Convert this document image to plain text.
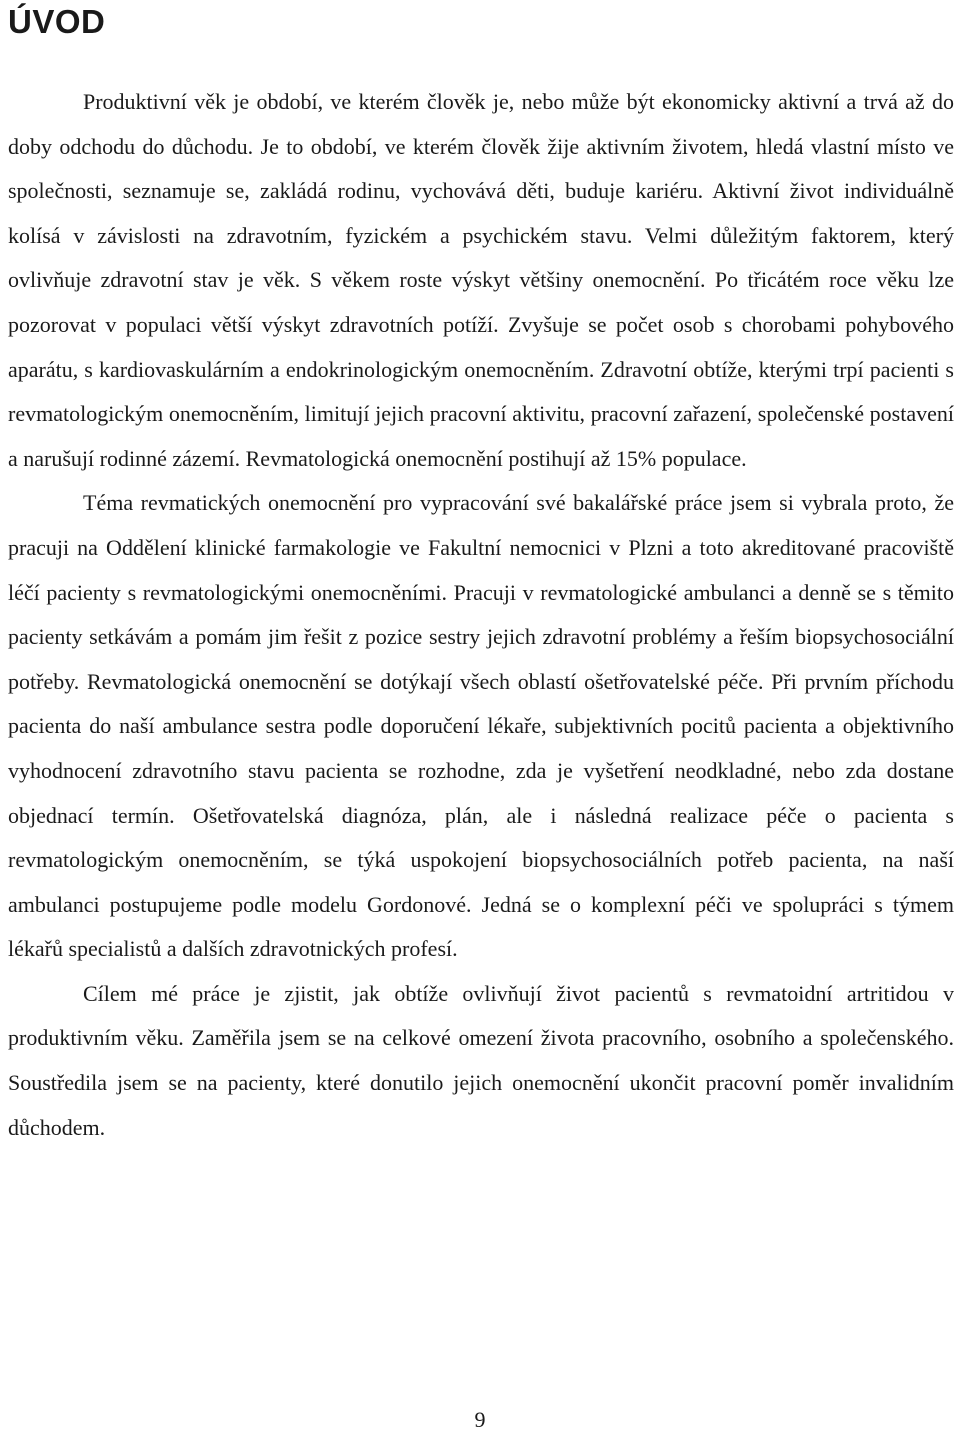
ÚVOD

Produktivní věk je období, ve kterém člověk je, nebo může být ekonomicky aktivní a trvá až do doby odchodu do důchodu. Je to období, ve kterém člověk žije aktivním životem, hledá vlastní místo ve společnosti, seznamuje se, zakládá rodinu, vychovává děti, buduje kariéru. Aktivní život individuálně kolísá v závislosti na zdravotním, fyzickém a psychickém stavu. Velmi důležitým faktorem, který ovlivňuje zdravotní stav je věk. S věkem roste výskyt většiny onemocnění. Po třicátém roce věku lze pozorovat v populaci větší výskyt zdravotních potíží. Zvyšuje se počet osob s chorobami pohybového aparátu, s kardiovaskulárním a endokrinologickým onemocněním. Zdravotní obtíže, kterými trpí pacienti s revmatologickým onemocněním, limitují jejich pracovní aktivitu, pracovní zařazení, společenské postavení a narušují rodinné zázemí. Revmatologická onemocnění postihují až 15% populace.

Téma revmatických onemocnění pro vypracování své bakalářské práce jsem si vybrala proto, že pracuji na Oddělení klinické farmakologie ve Fakultní nemocnici v Plzni a toto akreditované pracoviště léčí pacienty s revmatologickými onemocněními. Pracuji v revmatologické ambulanci a denně se s těmito pacienty setkávám a pomám jim řešit z pozice sestry jejich zdravotní problémy a řeším biopsychosociální potřeby. Revmatologická onemocnění se dotýkají všech oblastí ošetřovatelské péče. Při prvním příchodu pacienta do naší ambulance sestra podle doporučení lékaře, subjektivních pocitů pacienta a objektivního vyhodnocení zdravotního stavu pacienta se rozhodne, zda je vyšetření neodkladné, nebo zda dostane objednací termín. Ošetřovatelská diagnóza, plán, ale i následná realizace péče o pacienta s revmatologickým onemocněním, se týká uspokojení biopsychosociálních potřeb pacienta, na naší ambulanci postupujeme podle modelu Gordonové. Jedná se o komplexní péči ve spolupráci s týmem lékařů specialistů a dalších zdravotnických profesí.

Cílem mé práce je zjistit, jak obtíže ovlivňují život pacientů s revmatoidní artritidou v produktivním věku. Zaměřila jsem se na celkové omezení života pracovního, osobního a společenského. Soustředila jsem se na pacienty, které donutilo jejich onemocnění ukončit pracovní poměr invalidním důchodem.

9
